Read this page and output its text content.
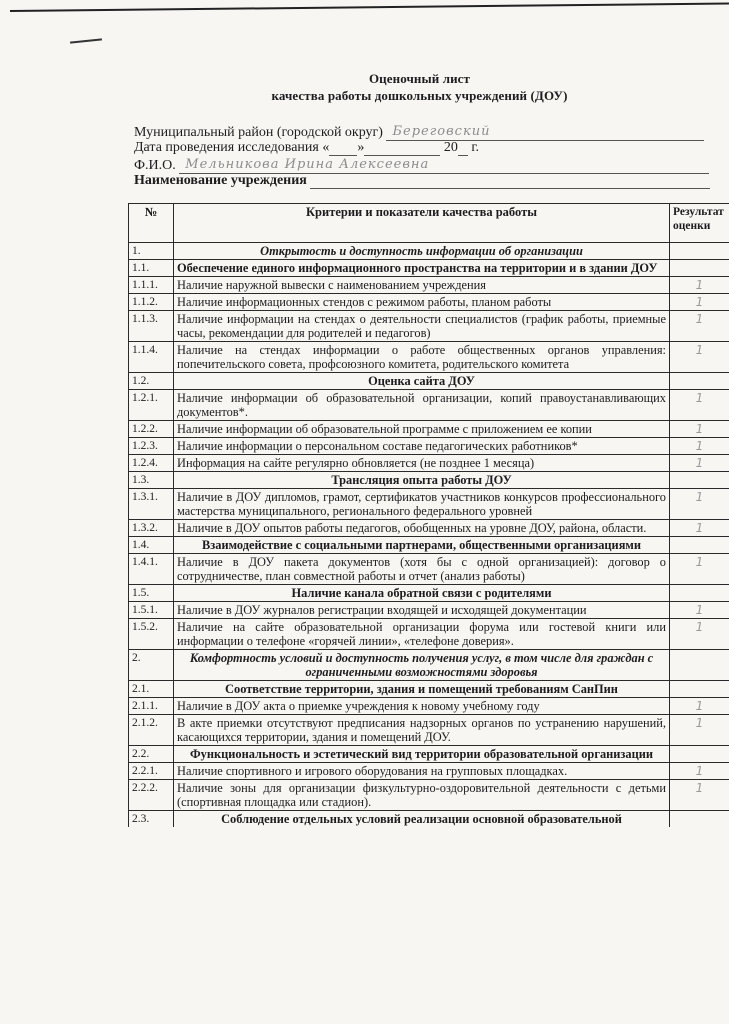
Оценочный лист
качества работы дошкольных учреждений (ДОУ)
Муниципальный район (городской округ) Береговский
Дата проведения исследования « »	20 г.
Ф.И.О. Мельникова Ирина Алексеевна
Наименование учреждения
№	Критерии и показатели качества работы	Результат оценки
1.	Открытость и доступность информации об организации	
1.1.	Обеспечение единого информационного пространства на территории и в здании ДОУ	
1.1.1.	Наличие наружной вывески с наименованием учреждения	1
1.1.2.	Наличие информационных стендов с режимом работы, планом работы	1
1.1.3.	Наличие информации на стендах о деятельности специалистов (график работы, приемные часы, рекомендации для родителей и педагогов)	1
1.1.4.	Наличие на стендах информации о работе общественных органов управления: попечительского совета, профсоюзного комитета, родительского комитета	1
1.2.	Оценка сайта ДОУ	
1.2.1.	Наличие информации об образовательной организации, копий правоустанавливающих документов*.	1
1.2.2.	Наличие информации об образовательной программе с приложением ее копии	1
1.2.3.	Наличие информации о персональном составе педагогических работников*	1
1.2.4.	Информация на сайте регулярно обновляется (не позднее 1 месяца)	1
1.3.	Трансляция опыта работы ДОУ	
1.3.1.	Наличие в ДОУ дипломов, грамот, сертификатов участников конкурсов профессионального мастерства муниципального, регионального федерального уровней	1
1.3.2.	Наличие в ДОУ опытов работы педагогов, обобщенных на уровне ДОУ, района, области.	1
1.4.	Взаимодействие с социальными партнерами, общественными организациями	
1.4.1.	Наличие в ДОУ пакета документов (хотя бы с одной организацией): договор о сотрудничестве, план совместной работы и отчет (анализ работы)	1
1.5.	Наличие канала обратной связи с родителями	
1.5.1.	Наличие в ДОУ журналов регистрации входящей и исходящей документации	1
1.5.2.	Наличие на сайте образовательной организации форума или гостевой книги или информации о телефоне «горячей линии», «телефоне доверия».	1
2.	Комфортность условий и доступность получения услуг, в том числе для граждан с ограниченными возможностями здоровья	
2.1.	Соответствие территории, здания и помещений требованиям СанПин	
2.1.1.	Наличие в ДОУ акта о приемке учреждения к новому учебному году	1
2.1.2.	В акте приемки отсутствуют предписания надзорных органов по устранению нарушений, касающихся территории, здания и помещений ДОУ.	1
2.2.	Функциональность и эстетический вид территории образовательной организации	
2.2.1.	Наличие спортивного и игрового оборудования на групповых площадках.	1
2.2.2.	Наличие зоны для организации физкультурно-оздоровительной деятельности с детьми (спортивная площадка или стадион).	1
2.3.	Соблюдение отдельных условий реализации основной образовательной	
